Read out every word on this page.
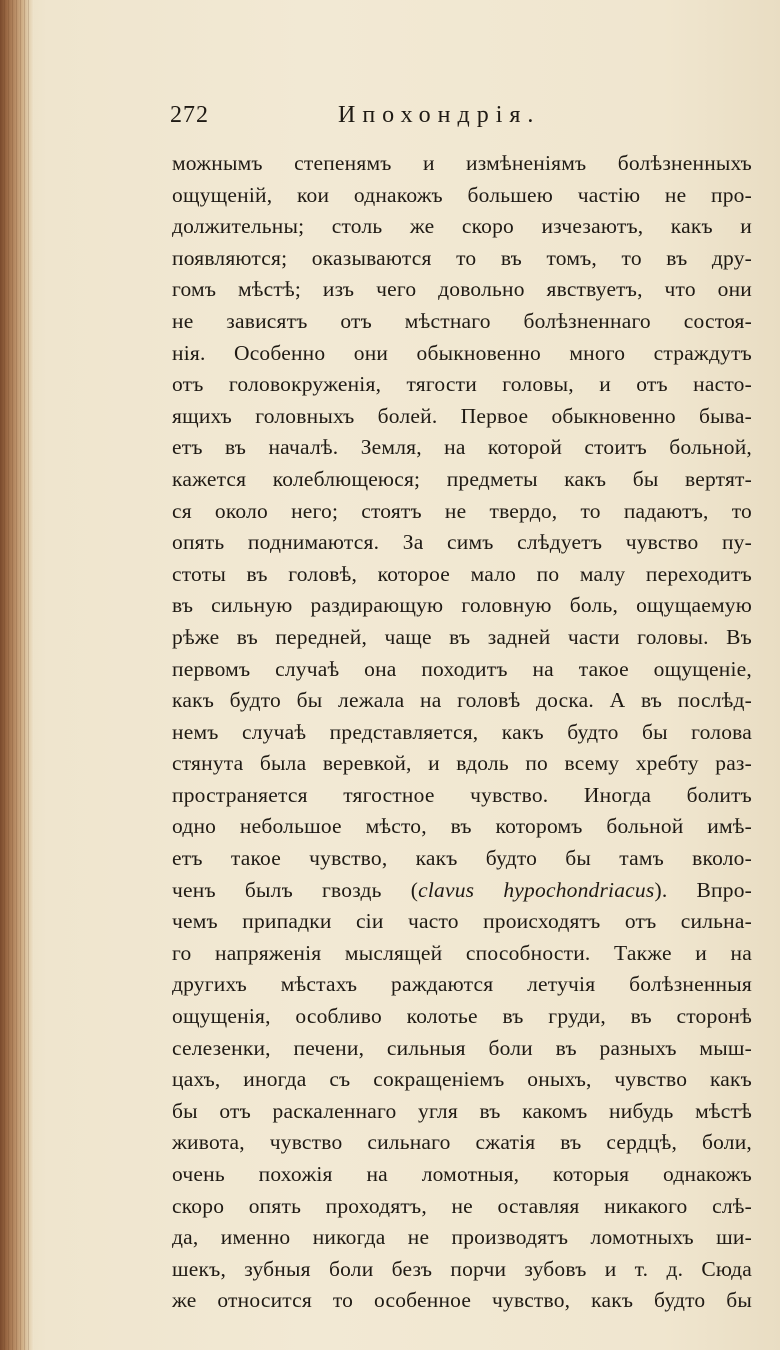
272	Ипохондрія.
можнымъ степенямъ и измѣненіямъ болѣзненныхъ
ощущеній, кои однакожъ большею частію не про-
должительны; столь же скоро изчезаютъ, какъ и
появляются; оказываются то въ томъ, то въ дру-
гомъ мѣстѣ; изъ чего довольно явствуетъ, что они
не зависятъ отъ мѣстнаго болѣзненнаго состоя-
нія. Особенно они обыкновенно много страждутъ
отъ головокруженія, тягости головы, и отъ насто-
ящихъ головныхъ болей. Первое обыкновенно быва-
етъ въ началѣ. Земля, на которой стоитъ больной,
кажется колеблющеюся; предметы какъ бы вертят-
ся около него; стоятъ не твердо, то падаютъ, то
опять поднимаются. За симъ слѣдуетъ чувство пу-
стоты въ головѣ, которое мало по малу переходитъ
въ сильную раздирающую головную боль, ощущаемую
рѣже въ передней, чаще въ задней части головы. Въ
первомъ случаѣ она походитъ на такое ощущеніе,
какъ будто бы лежала на головѣ доска. А въ послѣд-
немъ случаѣ представляется, какъ будто бы голова
стянута была веревкой, и вдоль по всему хребту раз-
пространяется тягостное чувство. Иногда болитъ
одно небольшое мѣсто, въ которомъ больной имѣ-
етъ такое чувство, какъ будто бы тамъ вколо-
ченъ былъ гвоздь (clavus hypochondriacus). Впро-
чемъ припадки сіи часто происходятъ отъ сильна-
го напряженія мыслящей способности. Также и на
другихъ мѣстахъ раждаются летучія болѣзненныя
ощущенія, особливо колотье въ груди, въ сторонѣ
селезенки, печени, сильныя боли въ разныхъ мыш-
цахъ, иногда съ сокращеніемъ оныхъ, чувство какъ
бы отъ раскаленнаго угля въ какомъ нибудь мѣстѣ
живота, чувство сильнаго сжатія въ сердцѣ, боли,
очень похожія на ломотныя, которыя однакожъ
скоро опять проходятъ, не оставляя никакого слѣ-
да, именно никогда не производятъ ломотныхъ ши-
шекъ, зубныя боли безъ порчи зубовъ и т. д. Сюда
же относится то особенное чувство, какъ будто бы
